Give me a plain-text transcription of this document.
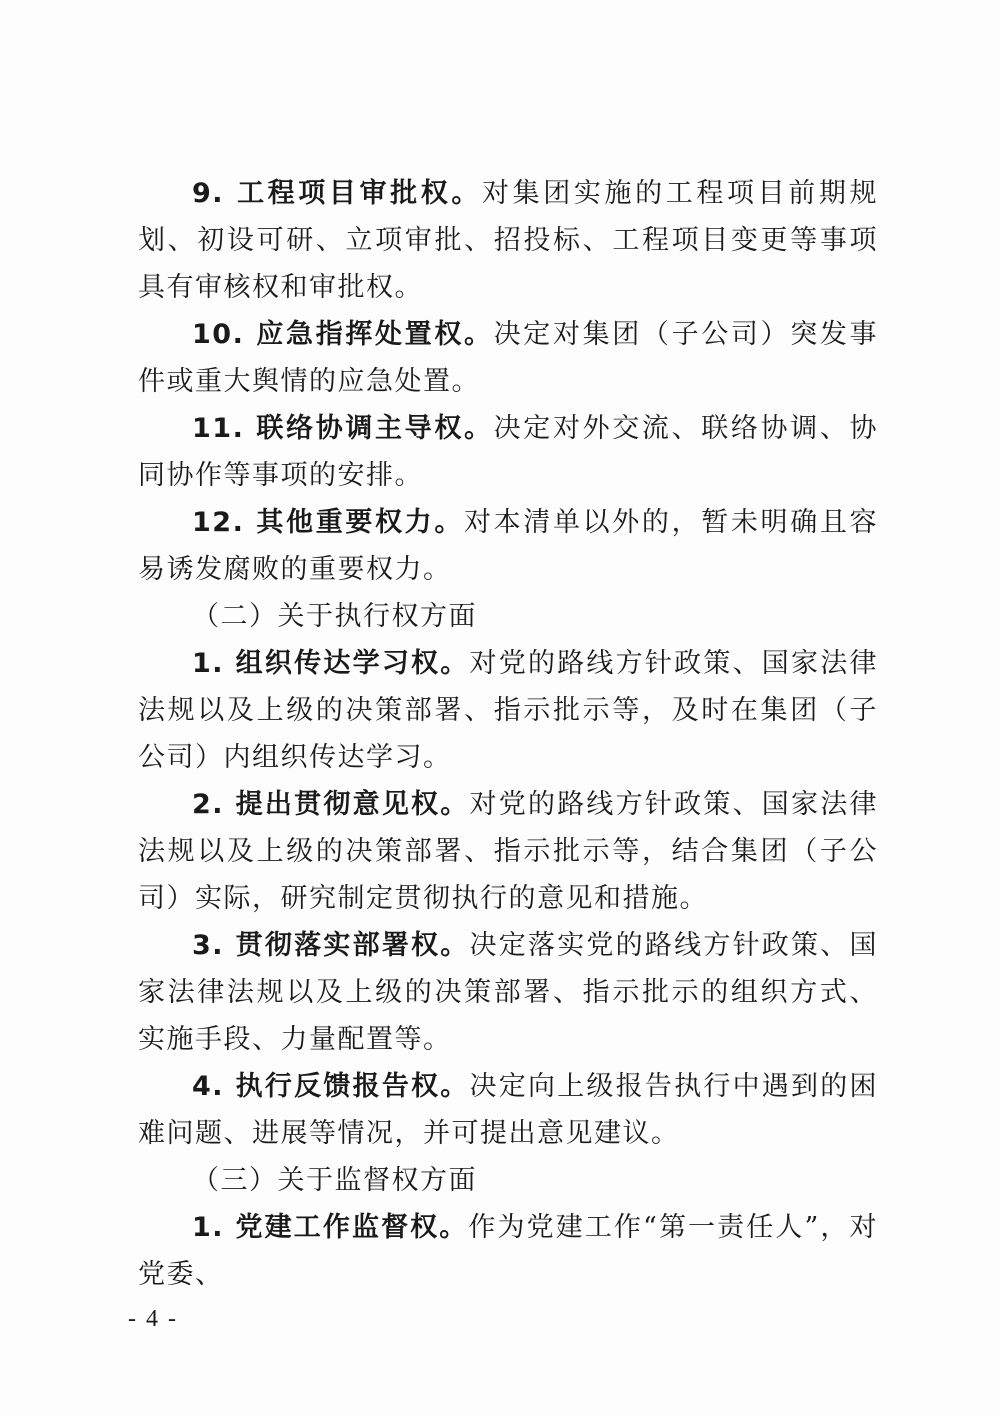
9. 工程项目审批权。对集团实施的工程项目前期规划、初设可研、立项审批、招投标、工程项目变更等事项具有审核权和审批权。

10. 应急指挥处置权。决定对集团（子公司）突发事件或重大舆情的应急处置。

11. 联络协调主导权。决定对外交流、联络协调、协同协作等事项的安排。

12. 其他重要权力。对本清单以外的，暂未明确且容易诱发腐败的重要权力。

（二）关于执行权方面

1. 组织传达学习权。对党的路线方针政策、国家法律法规以及上级的决策部署、指示批示等，及时在集团（子公司）内组织传达学习。

2. 提出贯彻意见权。对党的路线方针政策、国家法律法规以及上级的决策部署、指示批示等，结合集团（子公司）实际，研究制定贯彻执行的意见和措施。

3. 贯彻落实部署权。决定落实党的路线方针政策、国家法律法规以及上级的决策部署、指示批示的组织方式、实施手段、力量配置等。

4. 执行反馈报告权。决定向上级报告执行中遇到的困难问题、进展等情况，并可提出意见建议。

（三）关于监督权方面

1. 党建工作监督权。作为党建工作“第一责任人”，对党委、

- 4 -
